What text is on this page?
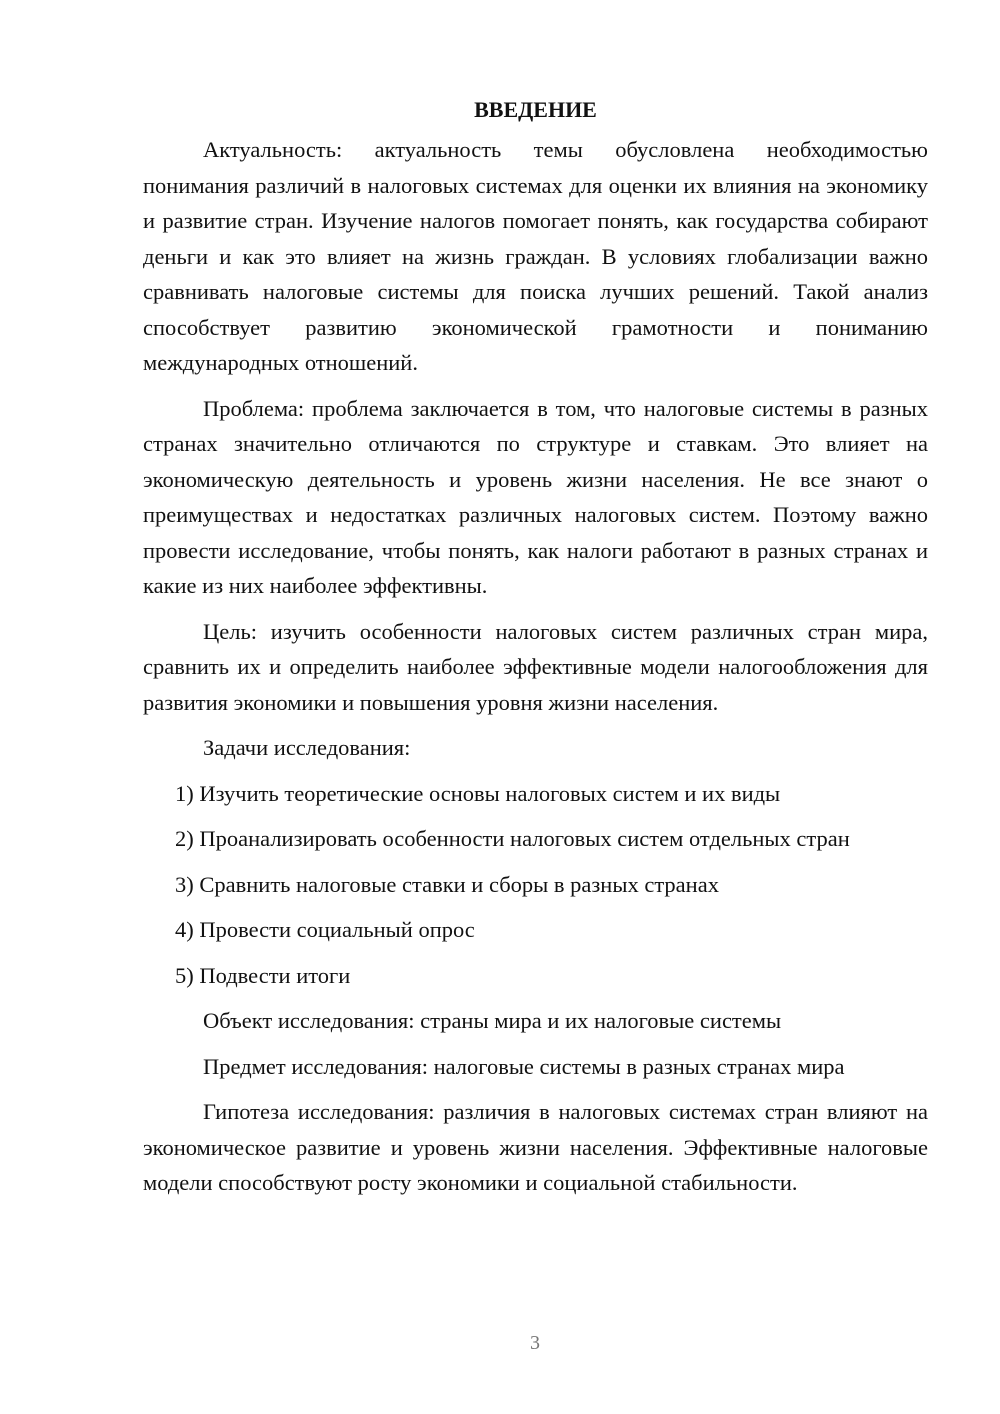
ВВЕДЕНИЕ

Актуальность: актуальность темы обусловлена необходимостью понимания различий в налоговых системах для оценки их влияния на экономику и развитие стран. Изучение налогов помогает понять, как государства собирают деньги и как это влияет на жизнь граждан. В условиях глобализации важно сравнивать налоговые системы для поиска лучших решений. Такой анализ способствует развитию экономической грамотности и пониманию международных отношений.

Проблема: проблема заключается в том, что налоговые системы в разных странах значительно отличаются по структуре и ставкам. Это влияет на экономическую деятельность и уровень жизни населения. Не все знают о преимуществах и недостатках различных налоговых систем. Поэтому важно провести исследование, чтобы понять, как налоги работают в разных странах и какие из них наиболее эффективны.

Цель: изучить особенности налоговых систем различных стран мира, сравнить их и определить наиболее эффективные модели налогообложения для развития экономики и повышения уровня жизни населения.

Задачи исследования:

1) Изучить теоретические основы налоговых систем и их виды
2) Проанализировать особенности налоговых систем отдельных стран
3) Сравнить налоговые ставки и сборы в разных странах
4) Провести социальный опрос
5) Подвести итоги

Объект исследования: страны мира и их налоговые системы

Предмет исследования: налоговые системы в разных странах мира

Гипотеза исследования: различия в налоговых системах стран влияют на экономическое развитие и уровень жизни населения. Эффективные налоговые модели способствуют росту экономики и социальной стабильности.

3
